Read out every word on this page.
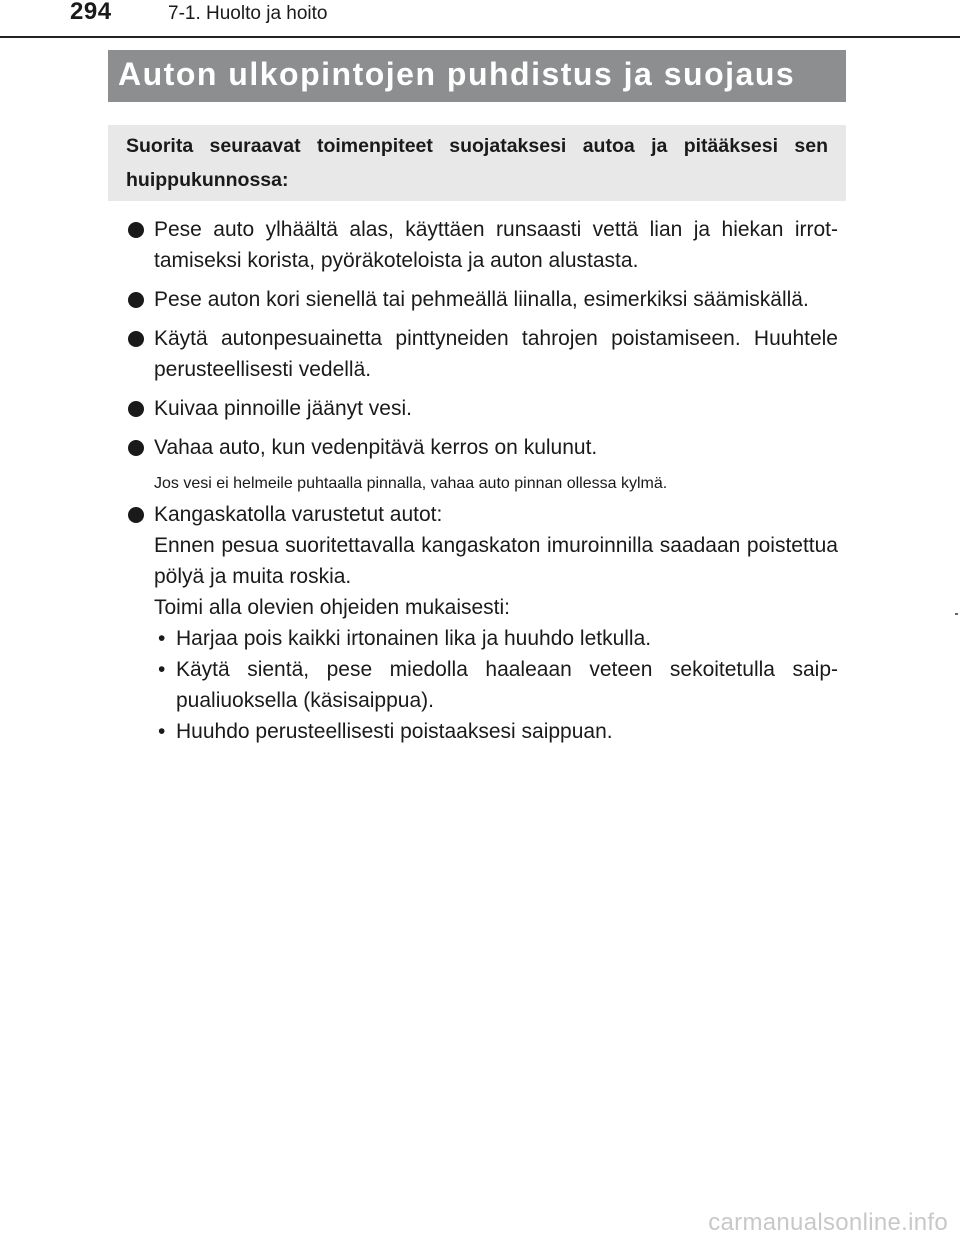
294	7-1. Huolto ja hoito
Auton ulkopintojen puhdistus ja suojaus
Suorita seuraavat toimenpiteet suojataksesi autoa ja pitääksesi sen huippukunnossa:
Pese auto ylhäältä alas, käyttäen runsaasti vettä lian ja hiekan irrottamiseksi korista, pyöräkoteloista ja auton alustasta.
Pese auton kori sienellä tai pehmeällä liinalla, esimerkiksi säämiskällä.
Käytä autonpesuainetta pinttyneiden tahrojen poistamiseen. Huuhtele perusteellisesti vedellä.
Kuivaa pinnoille jäänyt vesi.
Vahaa auto, kun vedenpitävä kerros on kulunut.
Jos vesi ei helmeile puhtaalla pinnalla, vahaa auto pinnan ollessa kylmä.
Kangaskatolla varustetut autot:
Ennen pesua suoritettavalla kangaskaton imuroinnilla saadaan poistettua pölyä ja muita roskia.
Toimi alla olevien ohjeiden mukaisesti:
• Harjaa pois kaikki irtonainen lika ja huuhdo letkulla.
• Käytä sientä, pese miedolla haaleaan veteen sekoitetulla saippualiuoksella (käsisaippua).
• Huuhdo perusteellisesti poistaaksesi saippuan.
carmanualsonline.info
